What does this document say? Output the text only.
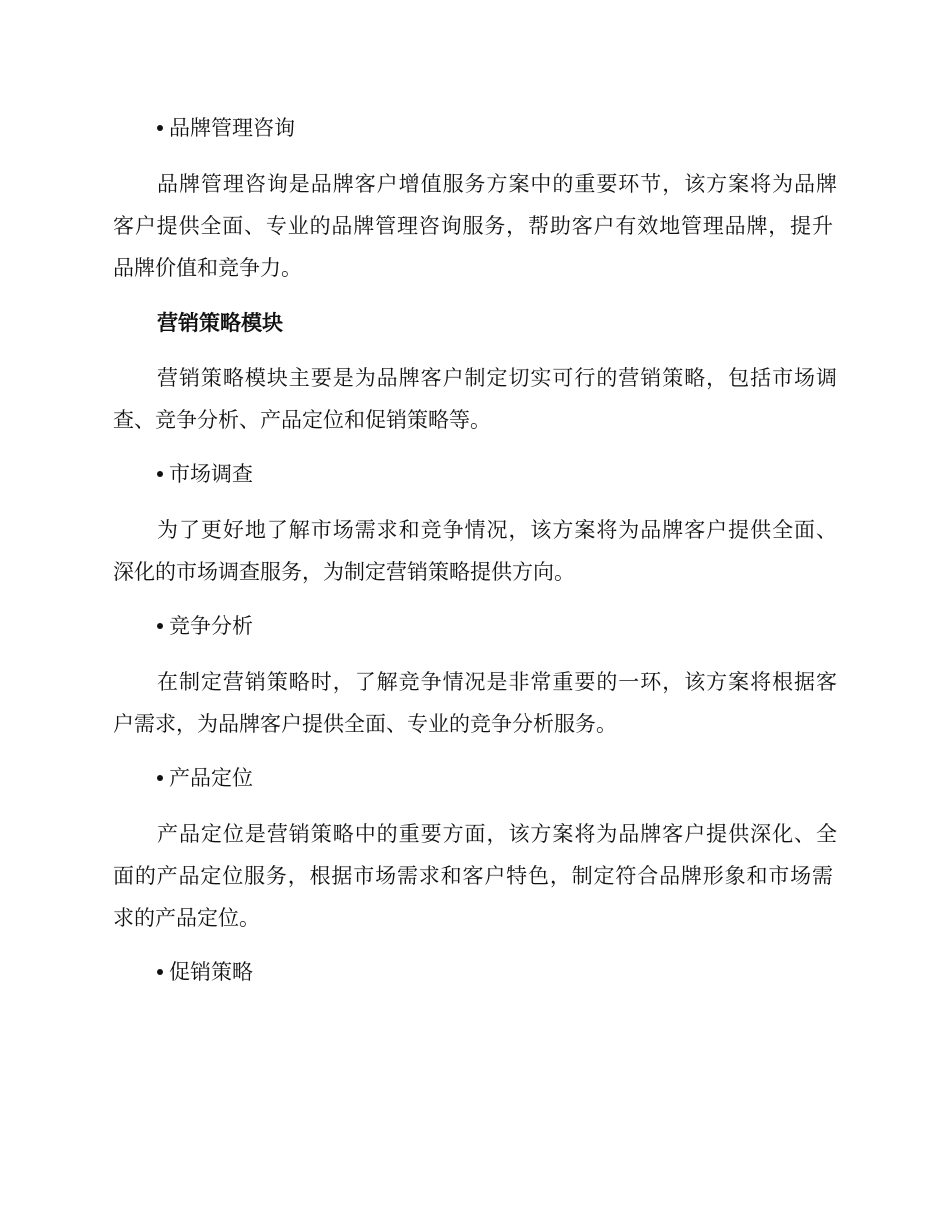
品牌管理咨询
品牌管理咨询是品牌客户增值服务方案中的重要环节，该方案将为品牌
客户提供全面、专业的品牌管理咨询服务，帮助客户有效地管理品牌，提升
品牌价值和竞争力。
营销策略模块
营销策略模块主要是为品牌客户制定切实可行的营销策略，包括市场调
查、竞争分析、产品定位和促销策略等。
市场调查
为了更好地了解市场需求和竞争情况，该方案将为品牌客户提供全面、
深化的市场调查服务，为制定营销策略提供方向。
竞争分析
在制定营销策略时，了解竞争情况是非常重要的一环，该方案将根据客
户需求，为品牌客户提供全面、专业的竞争分析服务。
产品定位
产品定位是营销策略中的重要方面，该方案将为品牌客户提供深化、全
面的产品定位服务，根据市场需求和客户特色，制定符合品牌形象和市场需
求的产品定位。
促销策略
